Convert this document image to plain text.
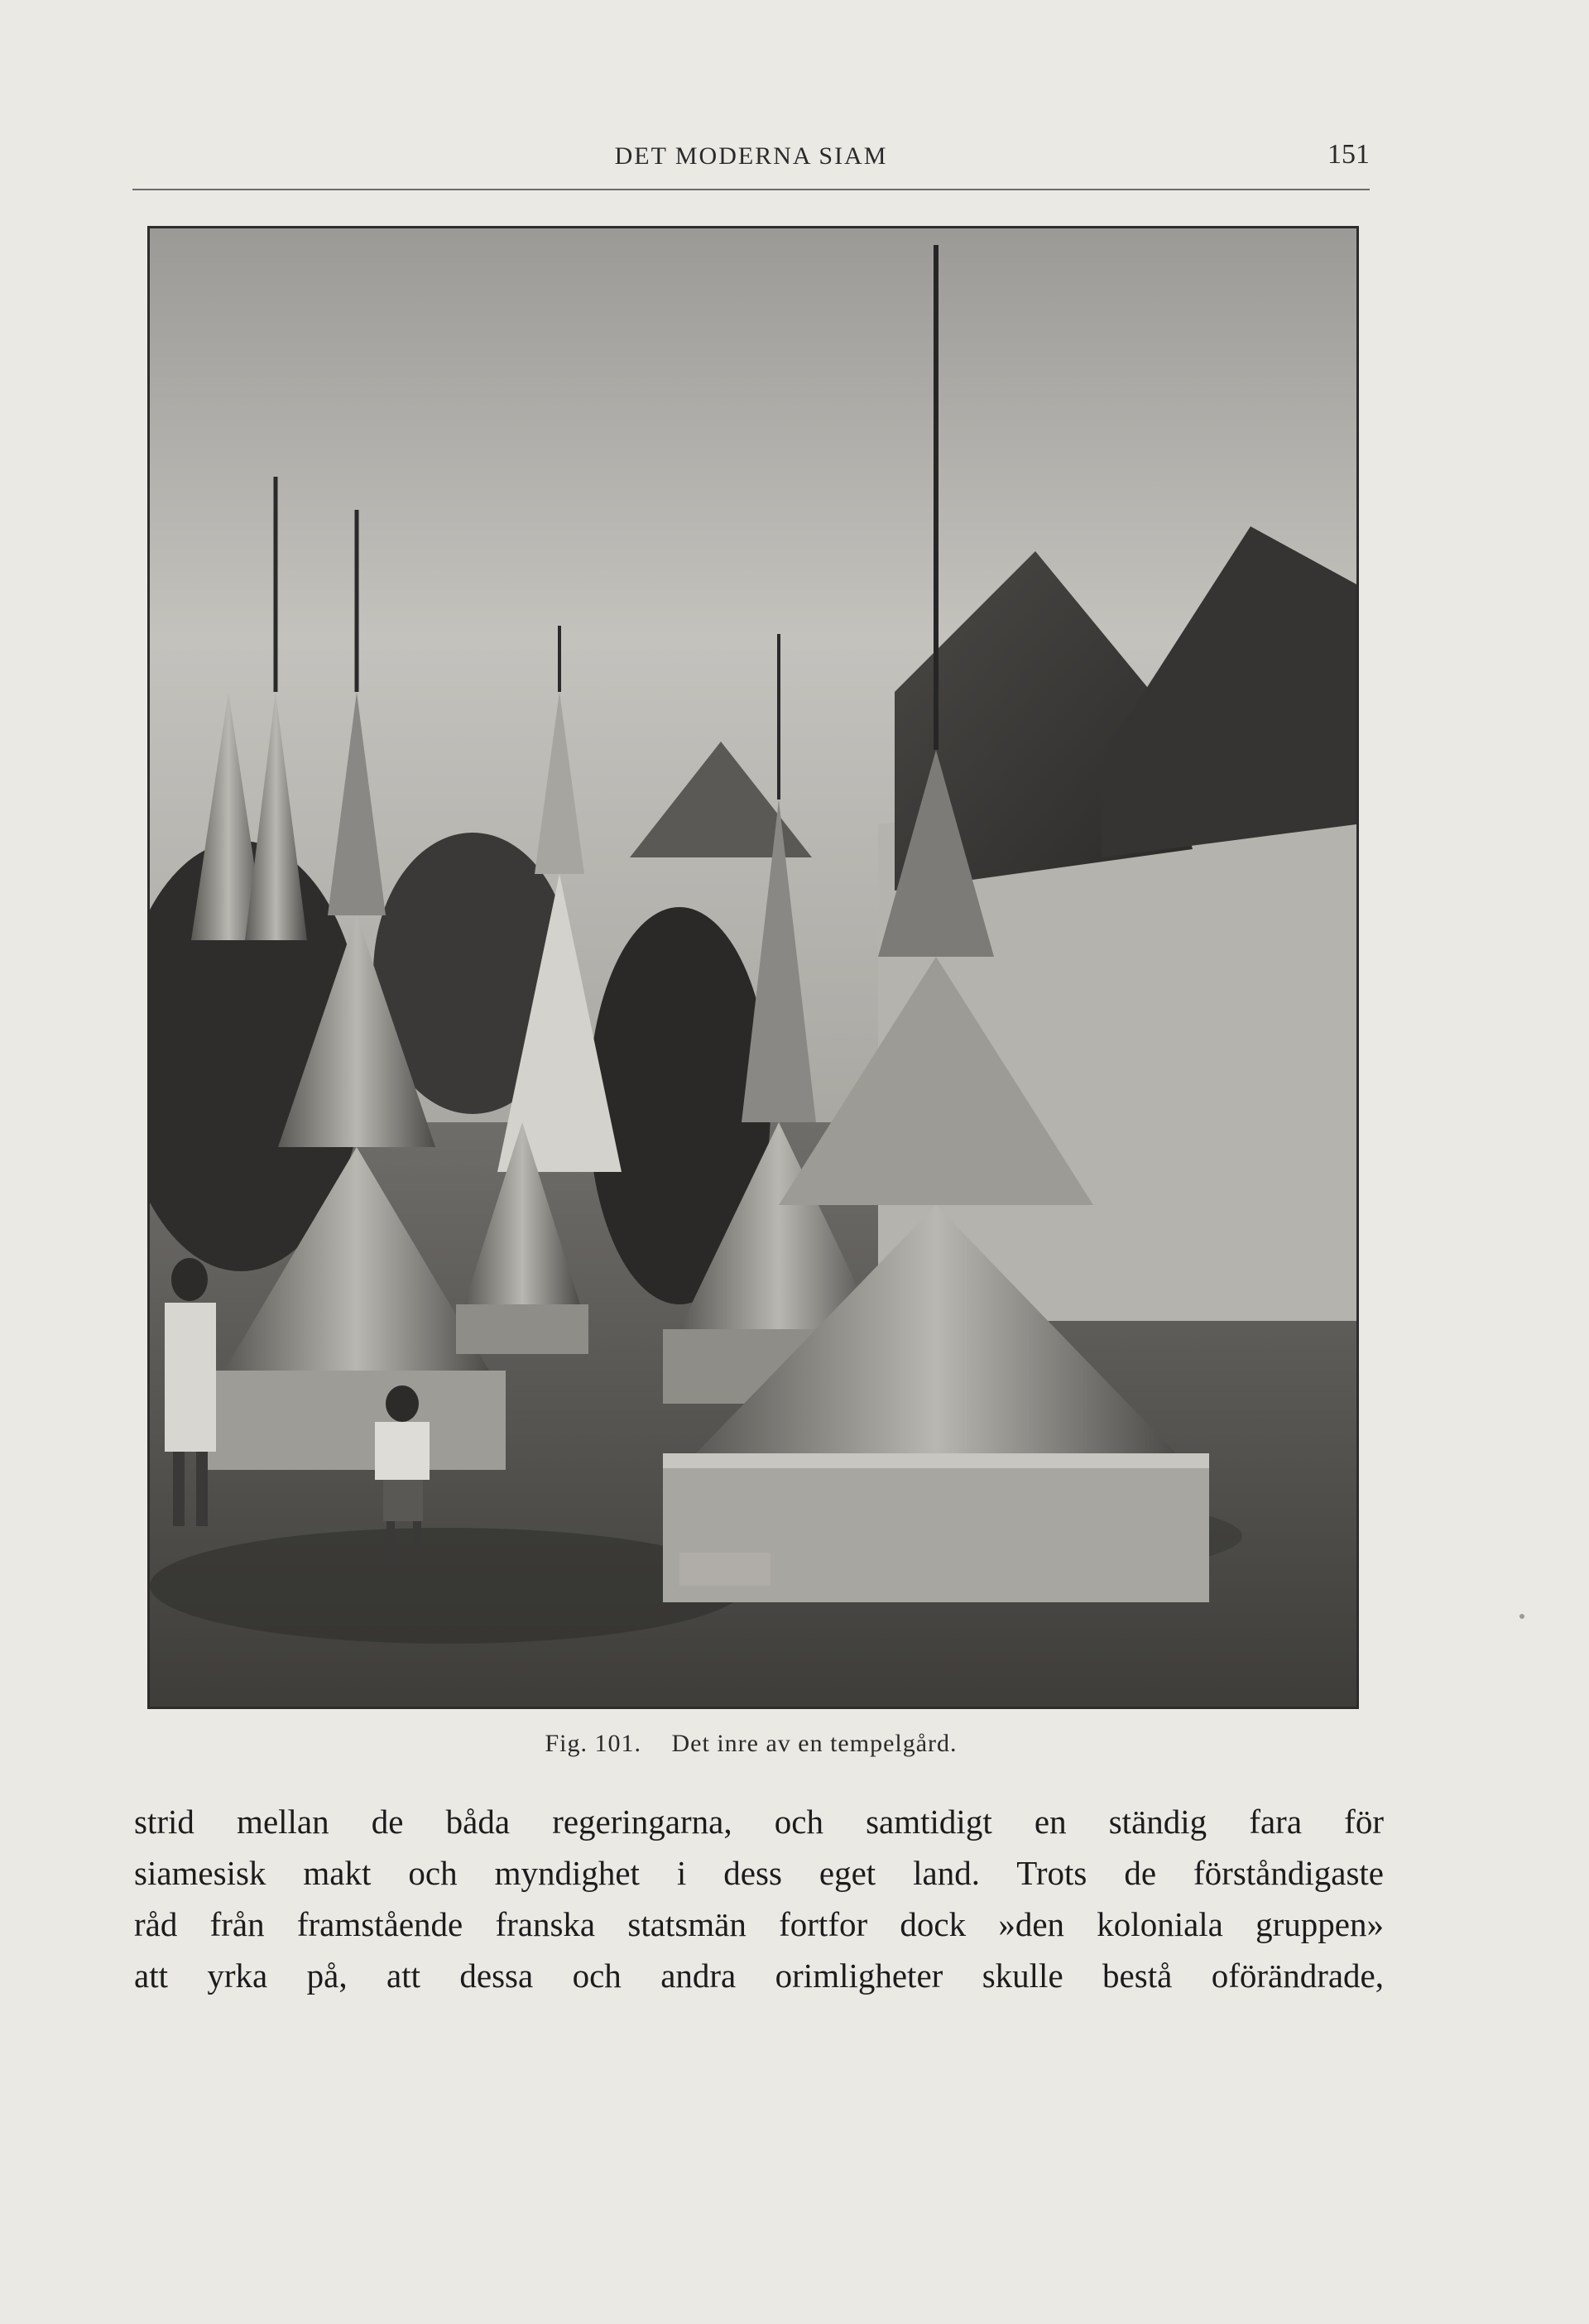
DET MODERNA SIAM	151
Fig. 101. Det inre av en tempelgård.
strid mellan de båda regeringarna, och samtidigt en ständig fara för
siamesisk makt och myndighet i dess eget land. Trots de förståndigaste
råd från framstående franska statsmän fortfor dock »den koloniala gruppen»
att yrka på, att dessa och andra orimligheter skulle bestå oförändrade,
